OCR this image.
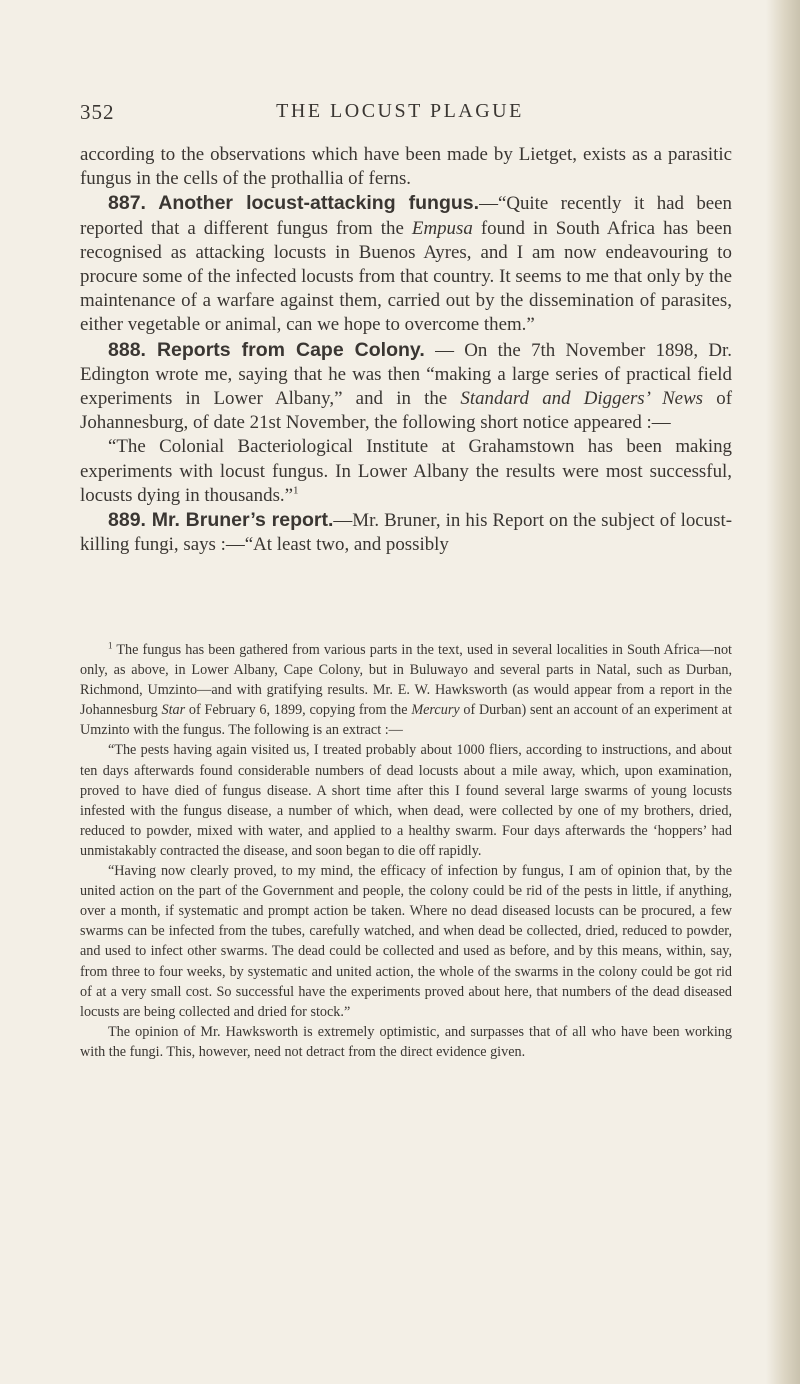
352	THE LOCUST PLAGUE

according to the observations which have been made by Lietget, exists as a parasitic fungus in the cells of the prothallia of ferns.

887. Another locust-attacking fungus.—“Quite recently it had been reported that a different fungus from the Empusa found in South Africa has been recognised as attacking locusts in Buenos Ayres, and I am now endeavouring to procure some of the infected locusts from that country. It seems to me that only by the maintenance of a warfare against them, carried out by the dissemination of parasites, either vegetable or animal, can we hope to overcome them.”

888. Reports from Cape Colony. — On the 7th November 1898, Dr. Edington wrote me, saying that he was then “making a large series of practical field experiments in Lower Albany,” and in the Standard and Diggers’ News of Johannesburg, of date 21st November, the following short notice appeared :—

“The Colonial Bacteriological Institute at Grahamstown has been making experiments with locust fungus. In Lower Albany the results were most successful, locusts dying in thousands.”$^1$

889. Mr. Bruner’s report.—Mr. Bruner, in his Report on the subject of locust-killing fungi, says :—“At least two, and possibly

$^1$ The fungus has been gathered from various parts in the text, used in several localities in South Africa—not only, as above, in Lower Albany, Cape Colony, but in Buluwayo and several parts in Natal, such as Durban, Richmond, Umzinto—and with gratifying results. Mr. E. W. Hawksworth (as would appear from a report in the Johannesburg Star of February 6, 1899, copying from the Mercury of Durban) sent an account of an experiment at Umzinto with the fungus. The following is an extract :—

“The pests having again visited us, I treated probably about 1000 fliers, according to instructions, and about ten days afterwards found considerable numbers of dead locusts about a mile away, which, upon examination, proved to have died of fungus disease. A short time after this I found several large swarms of young locusts infested with the fungus disease, a number of which, when dead, were collected by one of my brothers, dried, reduced to powder, mixed with water, and applied to a healthy swarm. Four days afterwards the ‘hoppers’ had unmistakably contracted the disease, and soon began to die off rapidly.

“Having now clearly proved, to my mind, the efficacy of infection by fungus, I am of opinion that, by the united action on the part of the Government and people, the colony could be rid of the pests in little, if anything, over a month, if systematic and prompt action be taken. Where no dead diseased locusts can be procured, a few swarms can be infected from the tubes, carefully watched, and when dead be collected, dried, reduced to powder, and used to infect other swarms. The dead could be collected and used as before, and by this means, within, say, from three to four weeks, by systematic and united action, the whole of the swarms in the colony could be got rid of at a very small cost. So successful have the experiments proved about here, that numbers of the dead diseased locusts are being collected and dried for stock.”

The opinion of Mr. Hawksworth is extremely optimistic, and surpasses that of all who have been working with the fungi. This, however, need not detract from the direct evidence given.
